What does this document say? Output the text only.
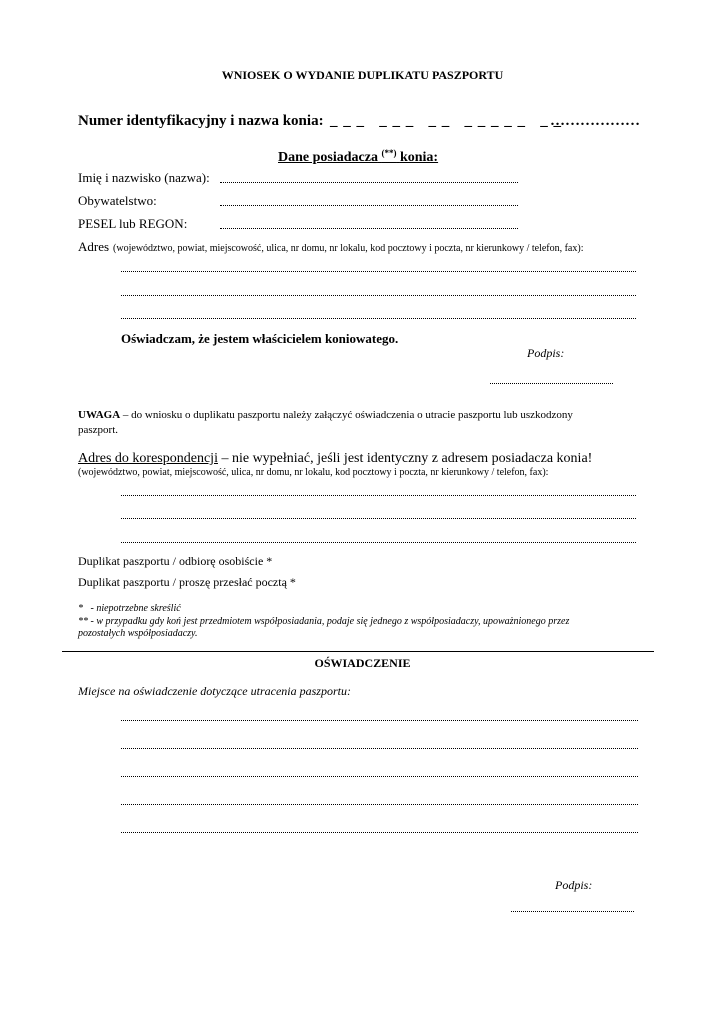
WNIOSEK O WYDANIE DUPLIKATU PASZPORTU
Numer identyfikacyjny i nazwa konia: _ _ _   _ _ _   _ _   _ _ _ _ _   _ _
………………
Dane posiadacza (**) konia:
Imię i nazwisko (nazwa):
Obywatelstwo:
PESEL lub REGON:
Adres (województwo, powiat, miejscowość, ulica, nr domu, nr lokalu, kod pocztowy i poczta, nr kierunkowy / telefon, fax):
Oświadczam, że jestem właścicielem koniowatego.
Podpis:
UWAGA – do wniosku o duplikatu paszportu należy załączyć oświadczenia o utracie paszportu lub uszkodzony
paszport.
Adres do korespondencji – nie wypełniać, jeśli jest identyczny z adresem posiadacza konia!
(województwo, powiat, miejscowość, ulica, nr domu, nr lokalu, kod pocztowy i poczta, nr kierunkowy / telefon, fax):
Duplikat paszportu / odbiorę osobiście *
Duplikat paszportu / proszę przesłać pocztą *
*   - niepotrzebne skreślić
** - w przypadku gdy koń jest przedmiotem współposiadania, podaje się jednego z współposiadaczy, upoważnionego przez
pozostałych współposiadaczy.
OŚWIADCZENIE
Miejsce na oświadczenie dotyczące utracenia paszportu:
Podpis:
